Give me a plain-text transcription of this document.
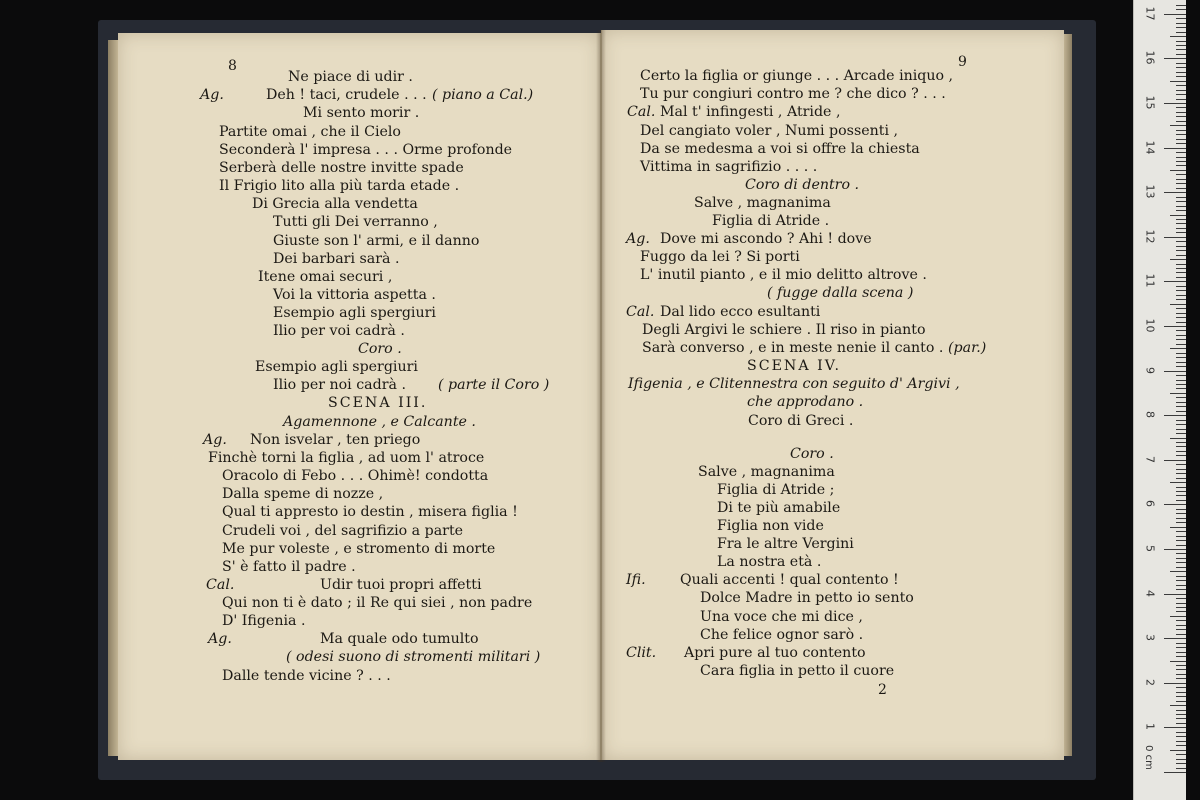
8
Ne piace di udir .
Ag.	Deh ! taci, crudele . . . ( piano a Cal.)
Mi sento morir .
Partite omai , che il Cielo
Seconderà l' impresa . . . Orme profonde
Serberà delle nostre invitte spade
Il Frigio lito alla più tarda etade .
Di Grecia alla vendetta
Tutti gli Dei verranno ,
Giuste son l' armi, e il danno
Dei barbari sarà .
Itene omai securi ,
Voi la vittoria aspetta .
Esempio agli spergiuri
Ilio per voi cadrà .
Coro .
Esempio agli spergiuri
Ilio per noi cadrà . ( parte il Coro )
SCENA III.
Agamennone , e Calcante .
Ag. Non isvelar , ten priego
Finchè torni la figlia , ad uom l' atroce
Oracolo di Febo . . . Ohimè! condotta
Dalla speme di nozze ,
Qual ti appresto io destin , misera figlia !
Crudeli voi , del sagrifizio a parte
Me pur voleste , e stromento di morte
S' è fatto il padre .
Cal.	Udir tuoi propri affetti
Qui non ti è dato ; il Re qui siei , non padre
D' Ifigenia .
Ag.	Ma quale odo tumulto
( odesi suono di stromenti militari )
Dalle tende vicine ? . . .
9
2
Certo la figlia or giunge . . . Arcade iniquo ,
Tu pur congiuri contro me ? che dico ? . . .
Cal. Mal t' infingesti , Atride ,
Del cangiato voler , Numi possenti ,
Da se medesma a voi si offre la chiesta
Vittima in sagrifizio . . . .
Coro di dentro .
Salve , magnanima
Figlia di Atride .
Ag. Dove mi ascondo ? Ahi ! dove
Fuggo da lei ? Si porti
L' inutil pianto , e il mio delitto altrove .
( fugge dalla scena )
Cal. Dal lido ecco esultanti
Degli Argivi le schiere . Il riso in pianto
Sarà converso , e in meste nenie il canto . (par.)
SCENA IV.
Ifigenia , e Clitennestra con seguito d' Argivi ,
che approdano .
Coro di Greci .
Coro .
Salve , magnanima
Figlia di Atride ;
Di te più amabile
Figlia non vide
Fra le altre Vergini
La nostra età .
Ifi. Quali accenti ! qual contento !
Dolce Madre in petto io sento
Una voce che mi dice ,
Che felice ognor sarò .
Clit. Apri pure al tuo contento
Cara figlia in petto il cuore
0 cm
1
2
3
4
5
6
7
8
9
10
11
12
13
14
15
16
17
